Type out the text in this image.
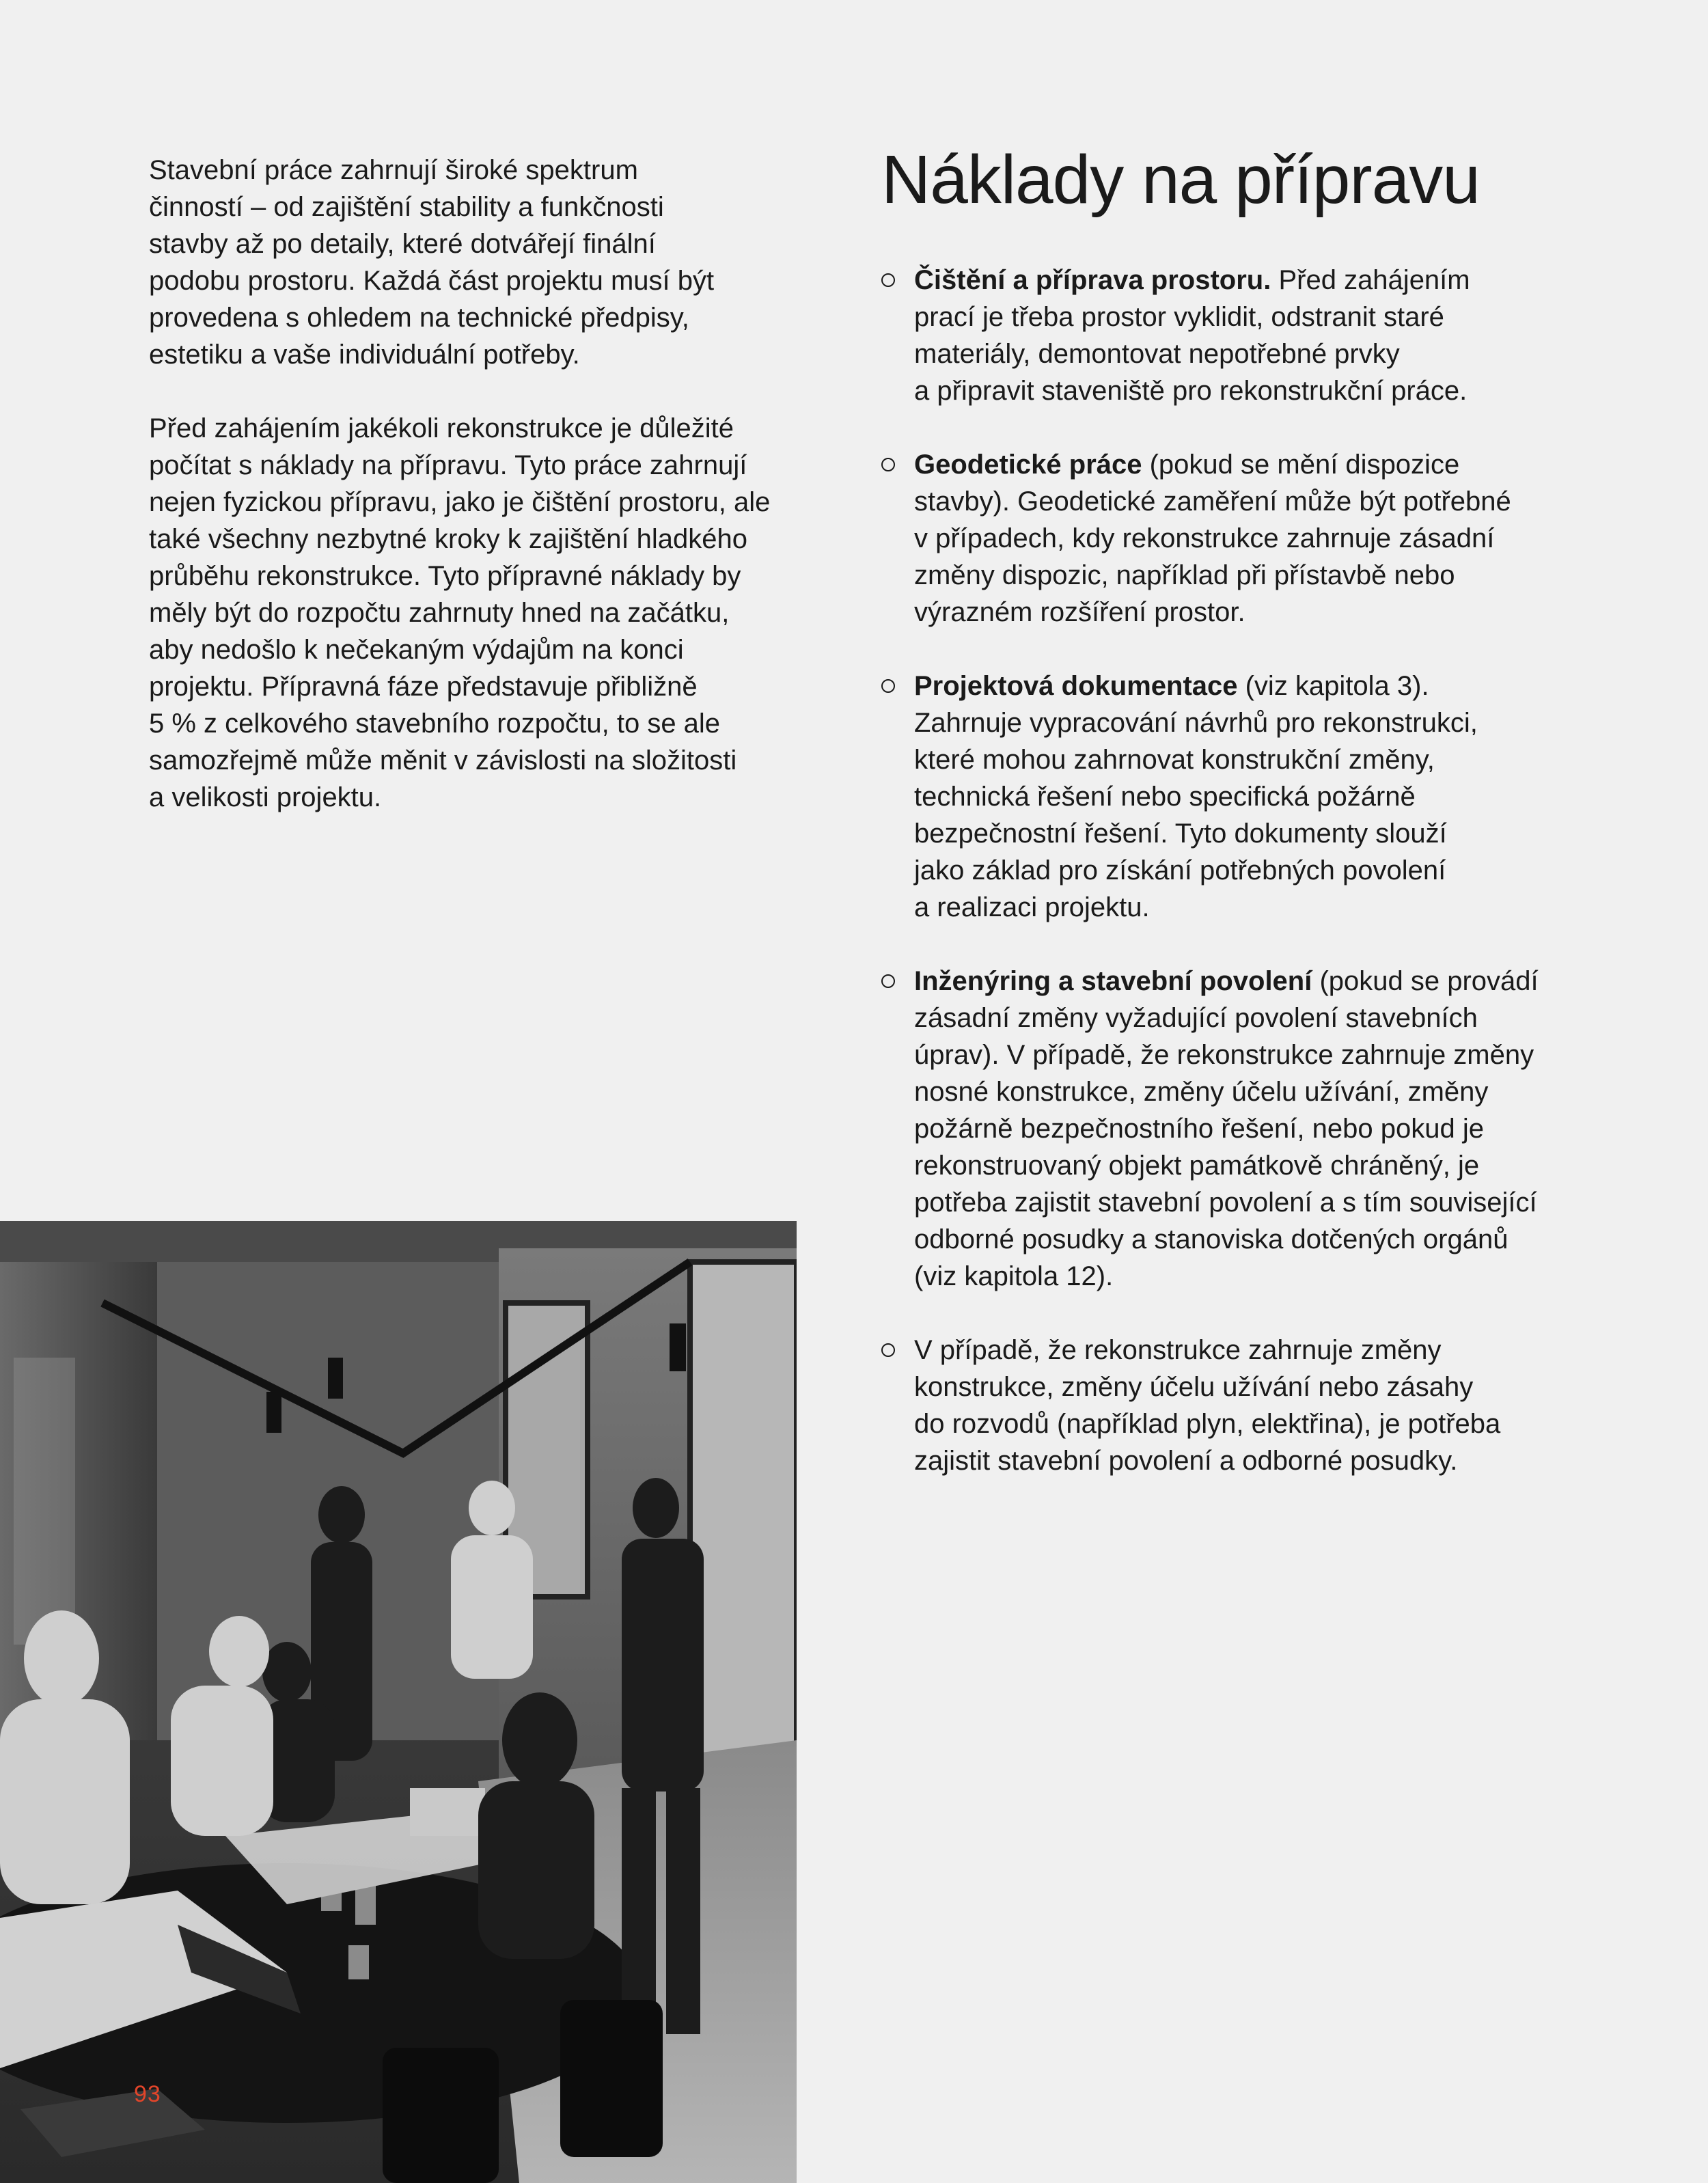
Stavební práce zahrnují široké spektrum
činností – od zajištění stability a funkčnosti
stavby až po detaily, které dotvářejí finální
podobu prostoru. Každá část projektu musí být
provedena s ohledem na technické předpisy,
estetiku a vaše individuální potřeby.

Před zahájením jakékoli rekonstrukce je důležité
počítat s náklady na přípravu. Tyto práce zahrnují
nejen fyzickou přípravu, jako je čištění prostoru, ale
také všechny nezbytné kroky k zajištění hladkého
průběhu rekonstrukce. Tyto přípravné náklady by
měly být do rozpočtu zahrnuty hned na začátku,
aby nedošlo k nečekaným výdajům na konci
projektu. Přípravná fáze představuje přibližně
5 % z celkového stavebního rozpočtu, to se ale
samozřejmě může měnit v závislosti na složitosti
a velikosti projektu.

Náklady na přípravu
Čištění a příprava prostoru. Před zahájením
prací je třeba prostor vyklidit, odstranit staré
materiály, demontovat nepotřebné prvky
a připravit staveniště pro rekonstrukční práce.
Geodetické práce (pokud se mění dispozice
stavby). Geodetické zaměření může být potřebné
v případech, kdy rekonstrukce zahrnuje zásadní
změny dispozic, například při přístavbě nebo
výrazném rozšíření prostor.
Projektová dokumentace (viz kapitola 3).
Zahrnuje vypracování návrhů pro rekonstrukci,
které mohou zahrnovat konstrukční změny,
technická řešení nebo specifická požárně
bezpečnostní řešení. Tyto dokumenty slouží
jako základ pro získání potřebných povolení
a realizaci projektu.
Inženýring a stavební povolení (pokud se provádí
zásadní změny vyžadující povolení stavebních
úprav). V případě, že rekonstrukce zahrnuje změny
nosné konstrukce, změny účelu užívání, změny
požárně bezpečnostního řešení, nebo pokud je
rekonstruovaný objekt památkově chráněný, je
potřeba zajistit stavební povolení a s tím související
odborné posudky a stanoviska dotčených orgánů
(viz kapitola 12).
V případě, že rekonstrukce zahrnuje změny
konstrukce, změny účelu užívání nebo zásahy
do rozvodů (například plyn, elektřina), je potřeba
zajistit stavební povolení a odborné posudky.
93
